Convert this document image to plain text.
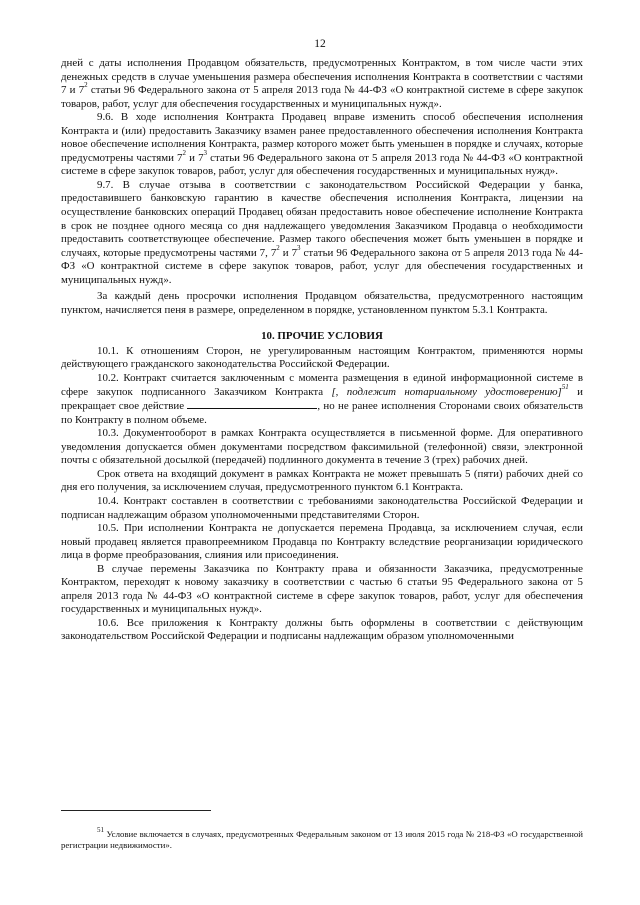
12

дней с даты исполнения Продавцом обязательств, предусмотренных Контрактом, в том числе части этих денежных средств в случае уменьшения размера обеспечения исполнения Контракта в соответствии с частями 7 и $7^2$ статьи 96 Федерального закона от 5 апреля 2013 года № 44-ФЗ «О контрактной системе в сфере закупок товаров, работ, услуг для обеспечения государственных и муниципальных нужд».

9.6. В ходе исполнения Контракта Продавец вправе изменить способ обеспечения исполнения Контракта и (или) предоставить Заказчику взамен ранее предоставленного обеспечения исполнения Контракта новое обеспечение исполнения Контракта, размер которого может быть уменьшен в порядке и случаях, которые предусмотрены частями $7^2$ и $7^3$ статьи 96 Федерального закона от 5 апреля 2013 года № 44-ФЗ «О контрактной системе в сфере закупок товаров, работ, услуг для обеспечения государственных и муниципальных нужд».

9.7. В случае отзыва в соответствии с законодательством Российской Федерации у банка, предоставившего банковскую гарантию в качестве обеспечения исполнения Контракта, лицензии на осуществление банковских операций Продавец обязан предоставить новое обеспечение исполнение Контракта в срок не позднее одного месяца со дня надлежащего уведомления Заказчиком Продавца о необходимости предоставить соответствующее обеспечение. Размер такого обеспечения может быть уменьшен в порядке и случаях, которые предусмотрены частями 7, $7^2$ и $7^3$ статьи 96 Федерального закона от 5 апреля 2013 года № 44-ФЗ «О контрактной системе в сфере закупок товаров, работ, услуг для обеспечения государственных и муниципальных нужд».

За каждый день просрочки исполнения Продавцом обязательства, предусмотренного настоящим пунктом, начисляется пеня в размере, определенном в порядке, установленном пунктом 5.3.1 Контракта.

10. ПРОЧИЕ УСЛОВИЯ

10.1. К отношениям Сторон, не урегулированным настоящим Контрактом, применяются нормы действующего гражданского законодательства Российской Федерации.

10.2. Контракт считается заключенным с момента размещения в единой информационной системе в сфере закупок подписанного Заказчиком Контракта [, подлежит нотариальному удостоверению]$^{51}$ и прекращает свое действие	, но не ранее исполнения Сторонами своих обязательств по Контракту в полном объеме.

10.3. Документооборот в рамках Контракта осуществляется в письменной форме. Для оперативного уведомления допускается обмен документами посредством факсимильной (телефонной) связи, электронной почты с обязательной досылкой (передачей) подлинного документа в течение 3 (трех) рабочих дней.

Срок ответа на входящий документ в рамках Контракта не может превышать 5 (пяти) рабочих дней со дня его получения, за исключением случая, предусмотренного пунктом 6.1 Контракта.

10.4. Контракт составлен в соответствии с требованиями законодательства Российской Федерации и подписан надлежащим образом уполномоченными представителями Сторон.

10.5. При исполнении Контракта не допускается перемена Продавца, за исключением случая, если новый продавец является правопреемником Продавца по Контракту вследствие реорганизации юридического лица в форме преобразования, слияния или присоединения.

В случае перемены Заказчика по Контракту права и обязанности Заказчика, предусмотренные Контрактом, переходят к новому заказчику в соответствии с частью 6 статьи 95 Федерального закона от 5 апреля 2013 года № 44-ФЗ «О контрактной системе в сфере закупок товаров, работ, услуг для обеспечения государственных и муниципальных нужд».

10.6. Все приложения к Контракту должны быть оформлены в соответствии с действующим законодательством Российской Федерации и подписаны надлежащим образом уполномоченными

$^{51}$ Условие включается в случаях, предусмотренных Федеральным законом от 13 июля 2015 года № 218-ФЗ «О государственной регистрации недвижимости».
